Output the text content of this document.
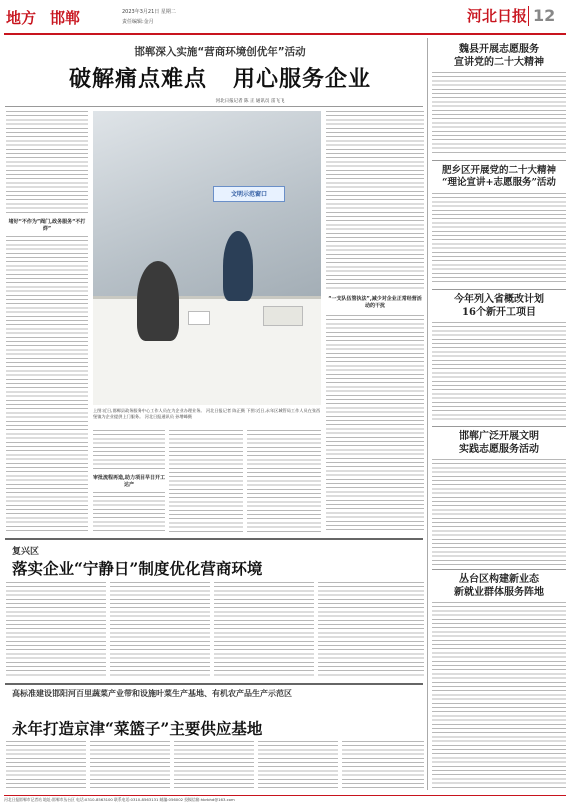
地方 邯郸	2023年3月21日 星期二
责任编辑:金月	河北日报 12
邯郸深入实施“营商环境创优年”活动
破解痛点难点   用心服务企业
河北日报记者 陈 正 通讯员 雷飞飞
堵好“不作为”阀门,政务服务“不打烊”
文明示范窗口
“一支队伍管执法”,减少对企业正常经营活动的干扰
上图:近日,邯郸县政务服务中心工作人员在为企业办理业务。 河北日报记者 陈正摄 下图:近日,永年区城管局工作人员在张西堡镇为企业提供上门服务。 河北日报通讯员 孙增峰摄
审批流程再造,助力项目早日开工达产
复兴区
落实企业“宁静日”制度优化营商环境
高标准建设邯阳河百里蔬菜产业带和设施叶菜生产基地、有机农产品生产示范区
永年打造京津“菜篮子”主要供应基地
魏县开展志愿服务
宣讲党的二十大精神
肥乡区开展党的二十大精神
“理论宣讲+志愿服务”活动
今年列入省概改计划
16个新开工项目
邯郸广泛开展文明
实践志愿服务活动
丛台区构建新业态
新就业群体服务阵地
河北日报邯郸市记者站 地址:邯郸市丛台区 电话:0310-8563100 联系电话:0310-8563131 邮编:056002 投稿信箱:hbrbhd@163.com
